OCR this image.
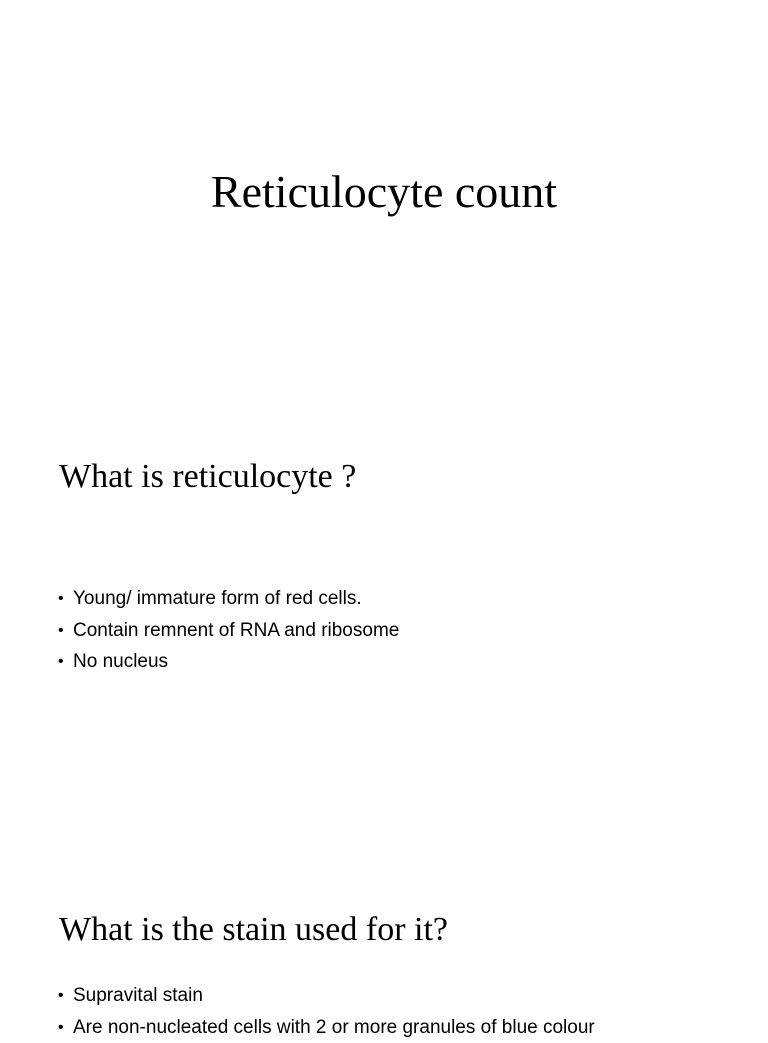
Reticulocyte count
What is reticulocyte ?
• Young/ immature form of red cells.
• Contain remnent of RNA and ribosome
• No nucleus
What is the stain used for it?
• Supravital stain
• Are non-nucleated cells with 2 or more granules of blue colour
